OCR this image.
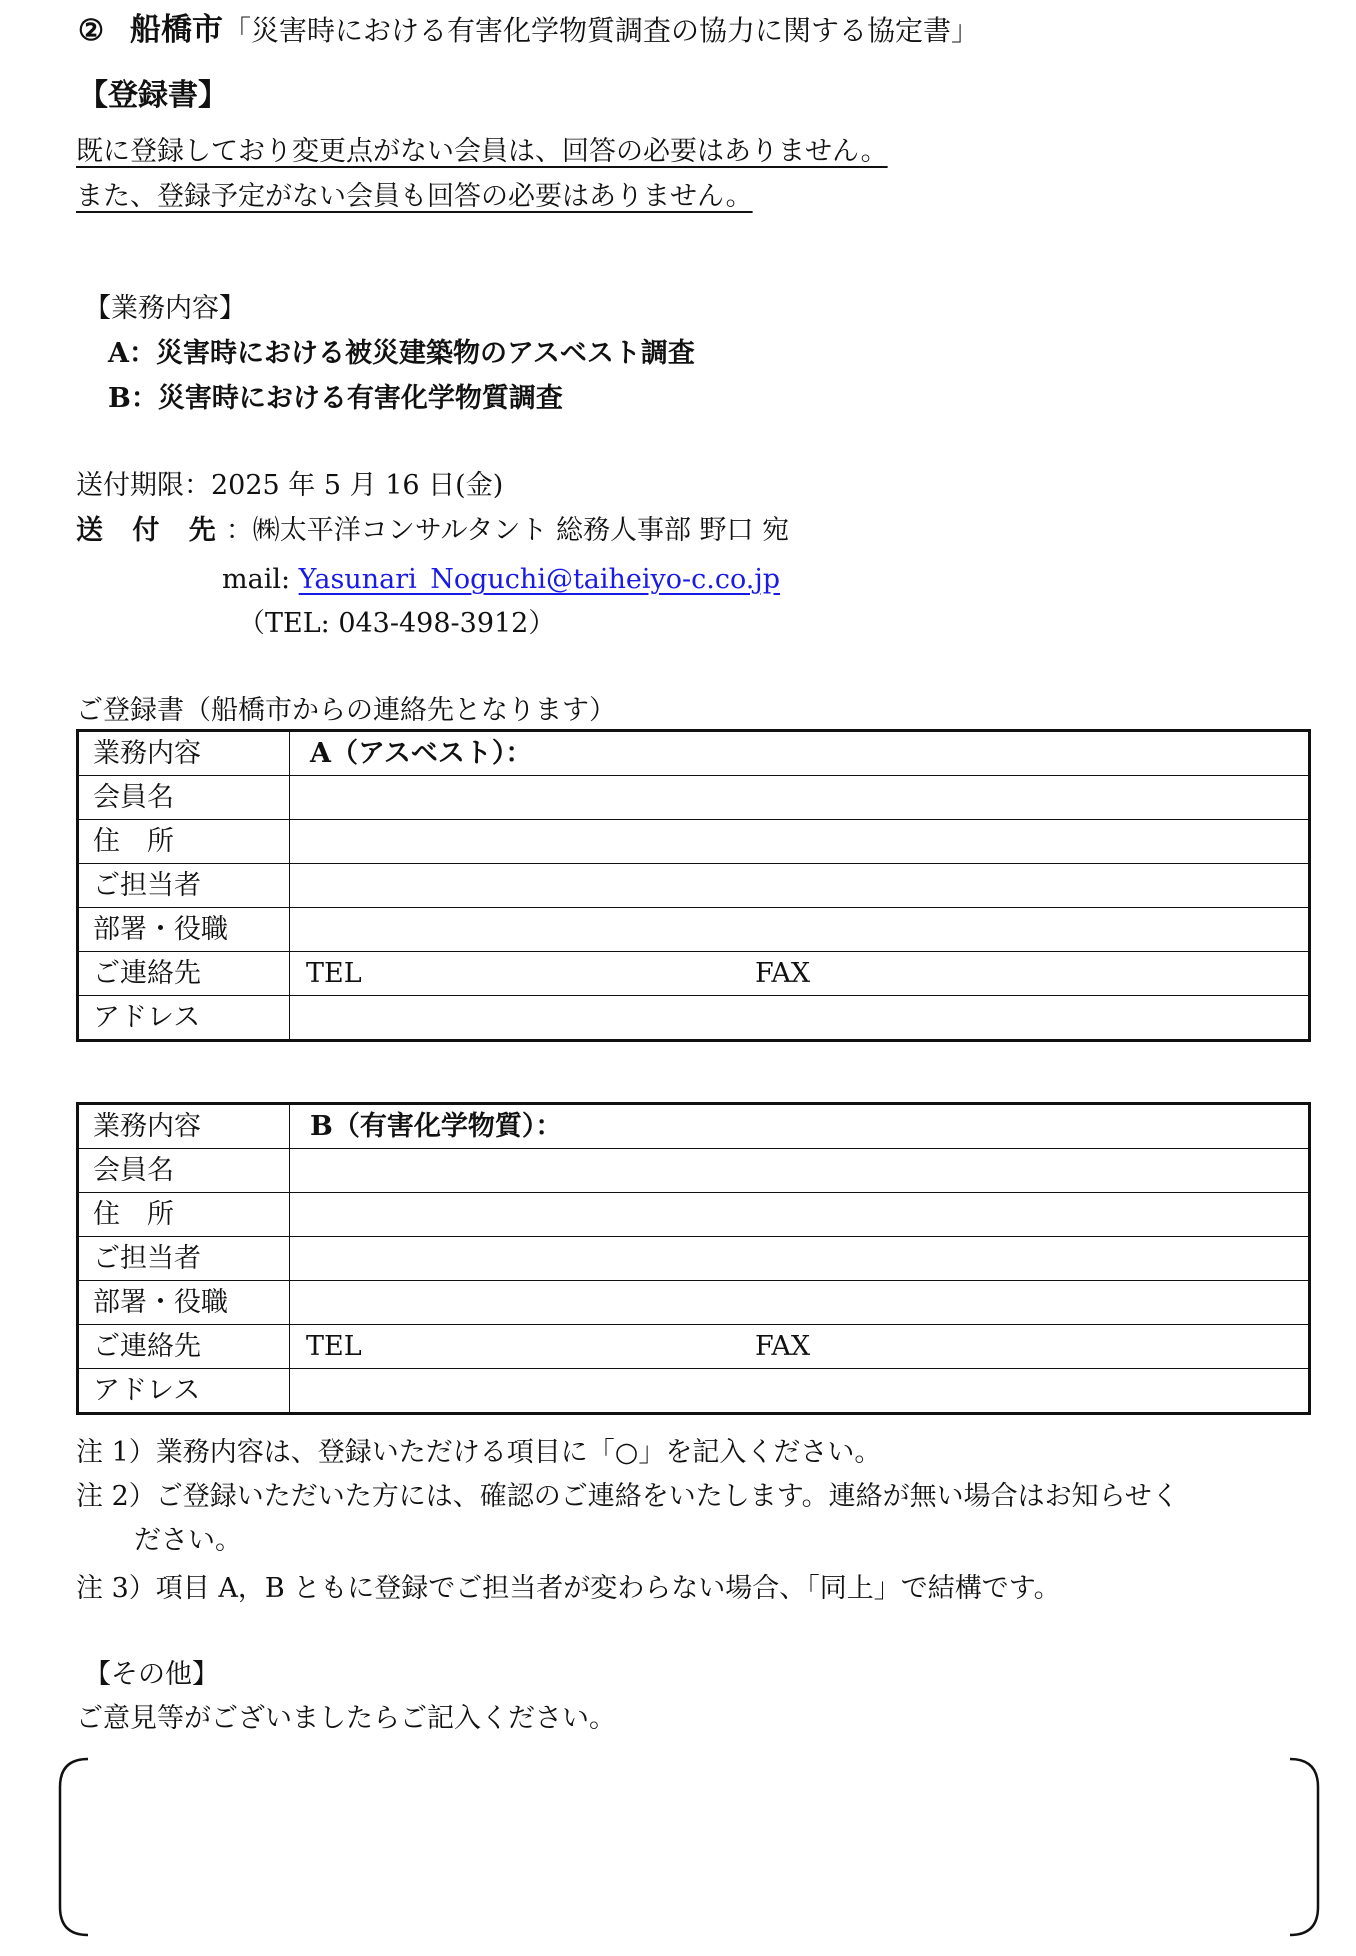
② 船橋市「災害時における有害化学物質調査の協力に関する協定書」
【登録書】
既に登録しており変更点がない会員は、回答の必要はありません。
また、登録予定がない会員も回答の必要はありません。
【業務内容】
A：災害時における被災建築物のアスベスト調査
B：災害時における有害化学物質調査
送付期限：2025 年 5 月 16 日(金)
送 付 先：㈱太平洋コンサルタント 総務人事部 野口 宛
mail: Yasunari_Noguchi@taiheiyo-c.co.jp
（TEL: 043-498-3912）
ご登録書（船橋市からの連絡先となります）
業務内容	A（アスベスト）：
会員名	
住　所	
ご担当者	
部署・役職	
ご連絡先	TEL FAX

アドレス	
業務内容	B（有害化学物質）：
会員名	
住　所	
ご担当者	
部署・役職	
ご連絡先	TEL FAX

アドレス	
注 1）業務内容は、登録いただける項目に「○」を記入ください。
注 2）ご登録いただいた方には、確認のご連絡をいたします。連絡が無い場合はお知らせく
ださい。
注 3）項目 A，B ともに登録でご担当者が変わらない場合、「同上」で結構です。
【その他】
ご意見等がございましたらご記入ください。
